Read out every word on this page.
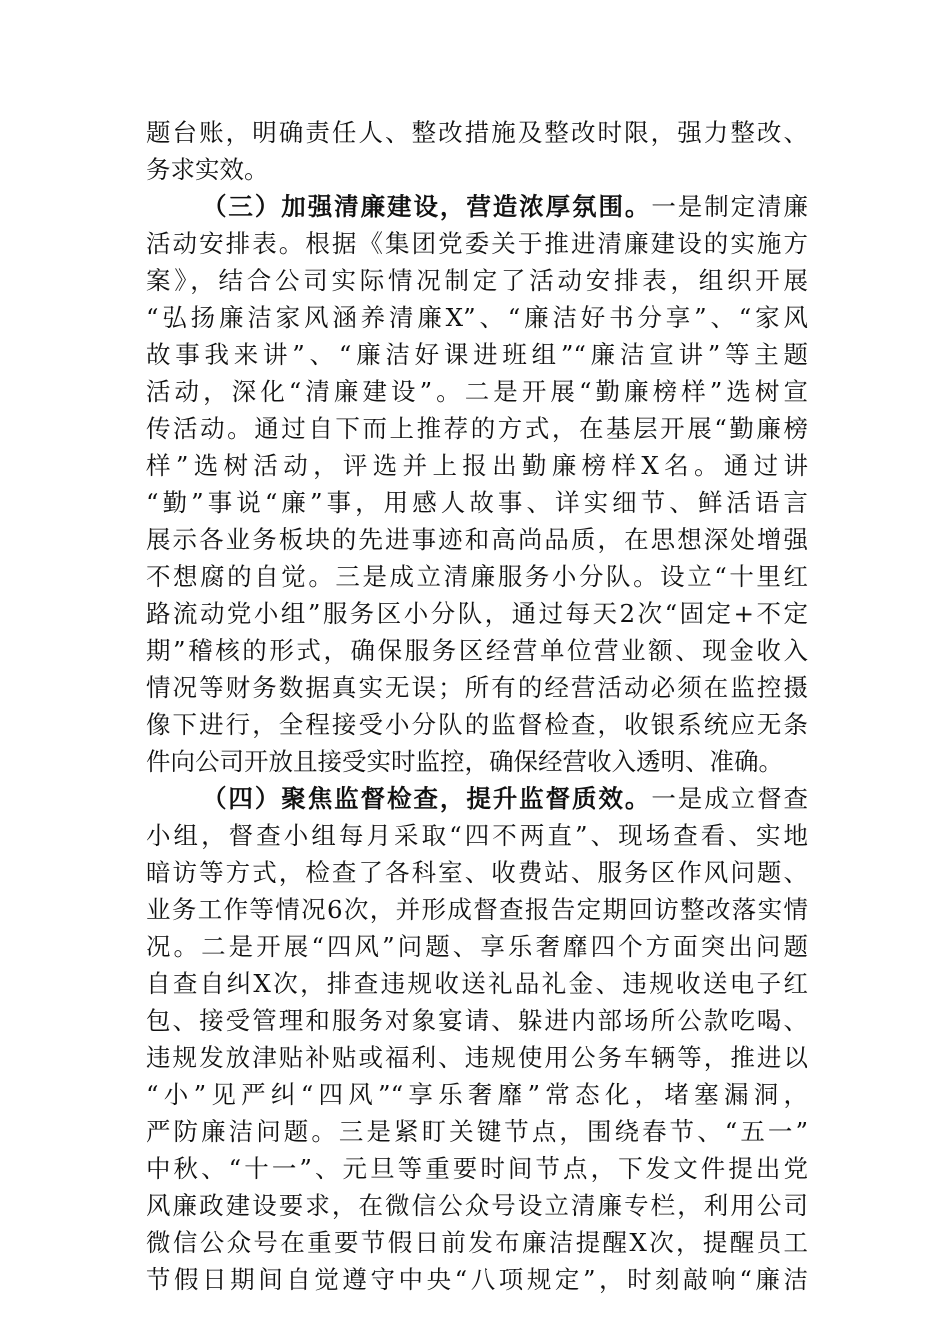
题台账，明确责任人、整改措施及整改时限，强力整改、
务求实效。
（三）加强清廉建设，营造浓厚氛围。一是制定清廉
活动安排表。根据《集团党委关于推进清廉建设的实施方
案》，结合公司实际情况制定了活动安排表，组织开展
“弘扬廉洁家风涵养清廉X”、“廉洁好书分享”、“家风
故事我来讲”、“廉洁好课进班组”“廉洁宣讲”等主题
活动，深化“清廉建设”。二是开展“勤廉榜样”选树宣
传活动。通过自下而上推荐的方式，在基层开展“勤廉榜
样”选树活动，评选并上报出勤廉榜样X名。通过讲
“勤”事说“廉”事，用感人故事、详实细节、鲜活语言
展示各业务板块的先进事迹和高尚品质，在思想深处增强
不想腐的自觉。三是成立清廉服务小分队。设立“十里红
路流动党小组”服务区小分队，通过每天2次“固定+不定
期”稽核的形式，确保服务区经营单位营业额、现金收入
情况等财务数据真实无误；所有的经营活动必须在监控摄
像下进行，全程接受小分队的监督检查，收银系统应无条
件向公司开放且接受实时监控，确保经营收入透明、准确。
（四）聚焦监督检查，提升监督质效。一是成立督查
小组，督查小组每月采取“四不两直”、现场查看、实地
暗访等方式，检查了各科室、收费站、服务区作风问题、
业务工作等情况6次，并形成督查报告定期回访整改落实情
况。二是开展“四风”问题、享乐奢靡四个方面突出问题
自查自纠X次，排查违规收送礼品礼金、违规收送电子红
包、接受管理和服务对象宴请、躲进内部场所公款吃喝、
违规发放津贴补贴或福利、违规使用公务车辆等，推进以
“小”见严纠“四风”“享乐奢靡”常态化，堵塞漏洞，
严防廉洁问题。三是紧盯关键节点，围绕春节、“五一”
中秋、“十一”、元旦等重要时间节点，下发文件提出党
风廉政建设要求，在微信公众号设立清廉专栏，利用公司
微信公众号在重要节假日前发布廉洁提醒X次，提醒员工
节假日期间自觉遵守中央“八项规定”，时刻敲响“廉洁
